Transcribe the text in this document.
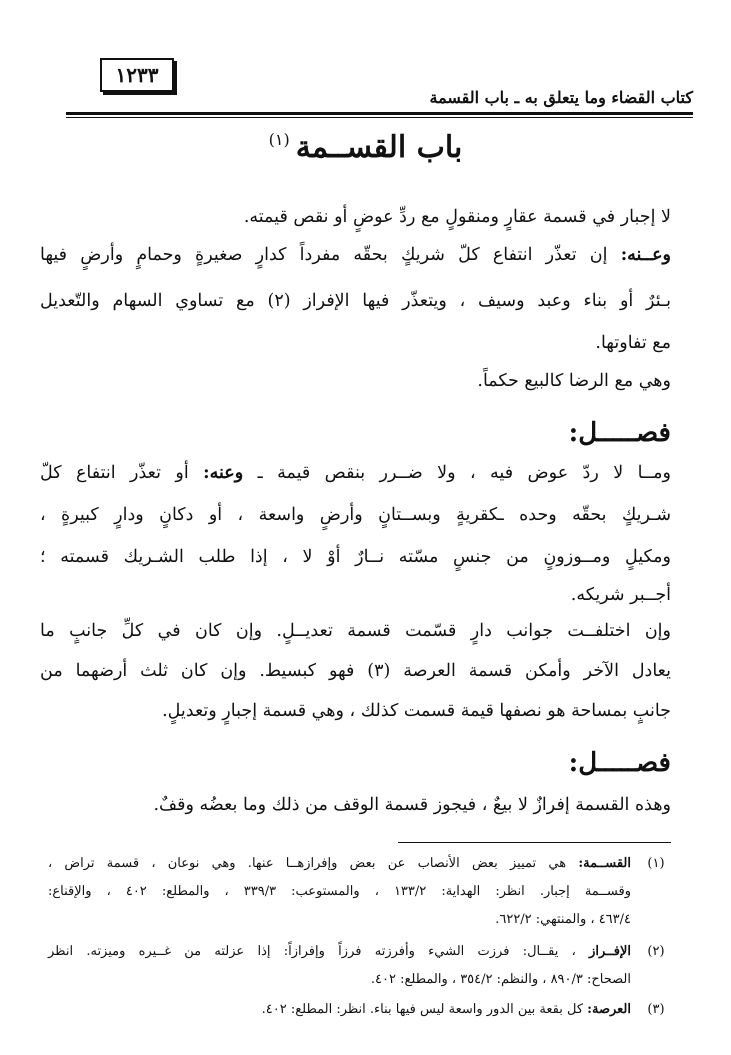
١٢٣٣
كتاب القضاء وما يتعلق به ـ باب القسمة
باب القســمة$^{(١)}$
لا إجبار في قسمة عقارٍ ومنقولٍ مع ردِّ عوضٍ أو نقص قيمته.
وعــنه: إن تعذّر انتفاع كلّ شريكٍ بحقّه مفرداً كدارٍ صغيرةٍ وحمامٍ وأرضٍ فيها
بـئرٌ أو بناء وعبد وسيف ، ويتعذّر فيها الإفراز (٢) مع تساوي السهام والتّعديل
مع تفاوتها.
وهي مع الرضا كالبيع حكماً.
فصـــــل:
ومــا لا ردّ عوض فيه ، ولا ضــرر بنقص قيمة ـ وعنه: أو تعذّر انتفاع كلّ
شـريكٍ بحقّه وحده ـكقريةٍ وبســتانٍ وأرضٍ واسعة ، أو دكانٍ ودارٍ كبيرةٍ ،
ومكيلٍ ومــوزونٍ من جنسٍ مسّته نــارٌ أوْ لا ، إذا طلب الشـريك قسمته ؛
أجــبر شريكه.
وإن اختلفــت جوانب دارٍ قسّمت قسمة تعديــلٍ. وإن كان في كلِّ جانبٍ ما
يعادل الآخر وأمكن قسمة العرصة (٣) فهو كبسيط. وإن كان ثلث أرضهما من
جانبٍ بمساحة هو نصفها قيمة قسمت كذلك ، وهي قسمة إجبارٍ وتعديلٍ.
فصـــــل:
وهذه القسمة إفرازٌ لا بيعٌ ، فيجوز قسمة الوقف من ذلك وما بعضُه وقفٌ.
(١)
القســمة: هي تمييز بعض الأنصاب عن بعض وإفرازهــا عنها. وهي نوعان ، قسمة تراض ،
وقســمة إجبار. انظر: الهداية: ١٣٣/٢ ، والمستوعب: ٣٣٩/٣ ، والمطلع: ٤٠٢ ، والإقناع:
٤٦٣/٤ ، والمنتهي: ٦٢٢/٢.
(٢)
الإفــراز ، يقــال: فرزت الشيء وأفرزته فرزاً وإفرازاً: إذا عزلته من غــيره وميزته. انظر
الصحاح: ٨٩٠/٣ ، والنظم: ٣٥٤/٢ ، والمطلع: ٤٠٢.
(٣)
العرصة: كل بقعة بين الدور واسعة ليس فيها بناء. انظر: المطلع: ٤٠٢.
